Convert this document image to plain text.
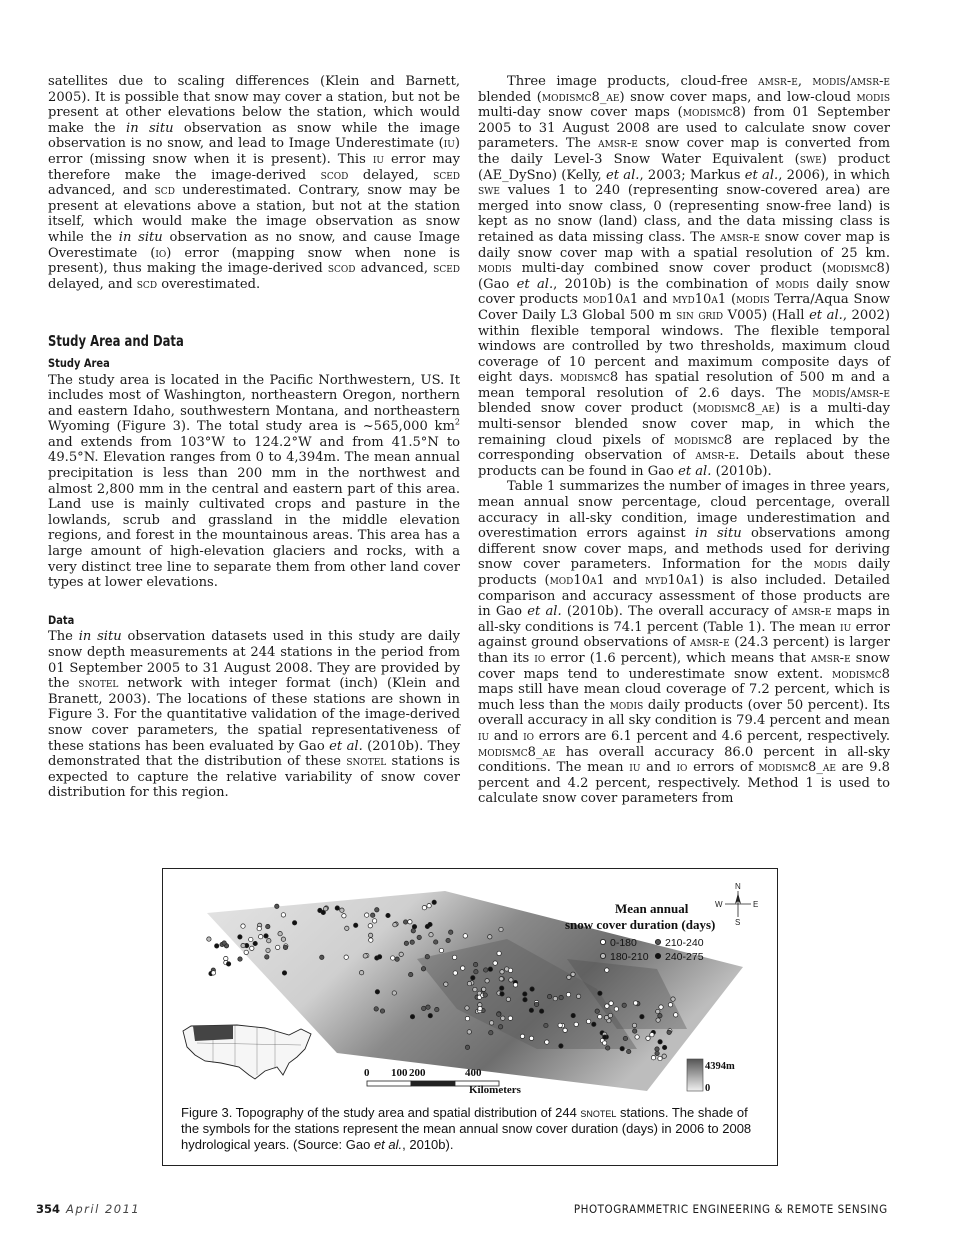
satellites due to scaling differences (Klein and Barnett, 2005). It is possible that snow may cover a station, but not be present at other elevations below the station, which would make the in situ observation as snow while the image observation is no snow, and lead to Image Underestimate (iu) error (missing snow when it is present). This iu error may therefore make the image-derived scod delayed, sced advanced, and scd underestimated. Contrary, snow may be present at elevations above a station, but not at the station itself, which would make the image observation as snow while the in situ observation as no snow, and cause Image Overestimate (io) error (mapping snow when none is present), thus making the image-derived scod advanced, sced delayed, and scd overestimated.

Study Area and Data
Study Area

The study area is located in the Pacific Northwestern, US. It includes most of Washington, northeastern Oregon, northern and eastern Idaho, southwestern Montana, and northeastern Wyoming (Figure 3). The total study area is ~565,000 $km^2$ and extends from 103°W to 124.2°W and from 41.5°N to 49.5°N. Elevation ranges from 0 to 4,394m. The mean annual precipitation is less than 200 mm in the northwest and almost 2,800 mm in the central and eastern part of this area. Land use is mainly cultivated crops and pasture in the lowlands, scrub and grassland in the middle elevation regions, and forest in the mountainous areas. This area has a large amount of high-elevation glaciers and rocks, with a very distinct tree line to separate them from other land cover types at lower elevations.

Data

The in situ observation datasets used in this study are daily snow depth measurements at 244 stations in the period from 01 September 2005 to 31 August 2008. They are provided by the snotel network with integer format (inch) (Klein and Branett, 2003). The locations of these stations are shown in Figure 3. For the quantitative validation of the image-derived snow cover parameters, the spatial representativeness of these stations has been evaluated by Gao et al. (2010b). They demonstrated that the distribution of these snotel stations is expected to capture the relative variability of snow cover distribution for this region.

Three image products, cloud-free amsr-e, modis/amsr-e blended (modismc8_ae) snow cover maps, and low-cloud modis multi-day snow cover maps (modismc8) from 01 September 2005 to 31 August 2008 are used to calculate snow cover parameters. The amsr-e snow cover map is converted from the daily Level-3 Snow Water Equivalent (swe) product (AE_DySno) (Kelly, et al., 2003; Markus et al., 2006), in which swe values 1 to 240 (representing snow-covered area) are merged into snow class, 0 (representing snow-free land) is kept as no snow (land) class, and the data missing class is retained as data missing class. The amsr-e snow cover map is daily snow cover map with a spatial resolution of 25 km. modis multi-day combined snow cover product (modismc8) (Gao et al., 2010b) is the combination of modis daily snow cover products mod10a1 and myd10a1 (modis Terra/Aqua Snow Cover Daily L3 Global 500 m sin grid V005) (Hall et al., 2002) within flexible temporal windows. The flexible temporal windows are controlled by two thresholds, maximum cloud coverage of 10 percent and maximum composite days of eight days. modismc8 has spatial resolution of 500 m and a mean temporal resolution of 2.6 days. The modis/amsr-e blended snow cover product (modismc8_ae) is a multi-day multi-sensor blended snow cover map, in which the remaining cloud pixels of modismc8 are replaced by the corresponding observation of amsr-e. Details about these products can be found in Gao et al. (2010b).

Table 1 summarizes the number of images in three years, mean annual snow percentage, cloud percentage, overall accuracy in all-sky condition, image underestimation and overestimation errors against in situ observations among different snow cover maps, and methods used for deriving snow cover parameters. Information for the modis daily products (mod10a1 and myd10a1) is also included. Detailed comparison and accuracy assessment of those products are in Gao et al. (2010b). The overall accuracy of amsr-e maps in all-sky conditions is 74.1 percent (Table 1). The mean iu error against ground observations of amsr-e (24.3 percent) is larger than its io error (1.6 percent), which means that amsr-e snow cover maps tend to underestimate snow extent. modismc8 maps still have mean cloud coverage of 7.2 percent, which is much less than the modis daily products (over 50 percent). Its overall accuracy in all sky condition is 79.4 percent and mean iu and io errors are 6.1 percent and 4.6 percent, respectively. modismc8_ae has overall accuracy 86.0 percent in all-sky conditions. The mean iu and io errors of modismc8_ae are 9.8 percent and 4.2 percent, respectively. Method 1 is used to calculate snow cover parameters from

Mean annual
snow cover duration (days)
0-180	210-240
180-210 240-275
N
E
S
W
0 100 200	400
Kilometers
4394m
0
Figure 3. Topography of the study area and spatial distribution of 244 snotel stations. The shade of the symbols for the stations represent the mean annual snow cover duration (days) in 2006 to 2008 hydrological years. (Source: Gao et al., 2010b).
354 April 2011	PHOTOGRAMMETRIC ENGINEERING & REMOTE SENSING
